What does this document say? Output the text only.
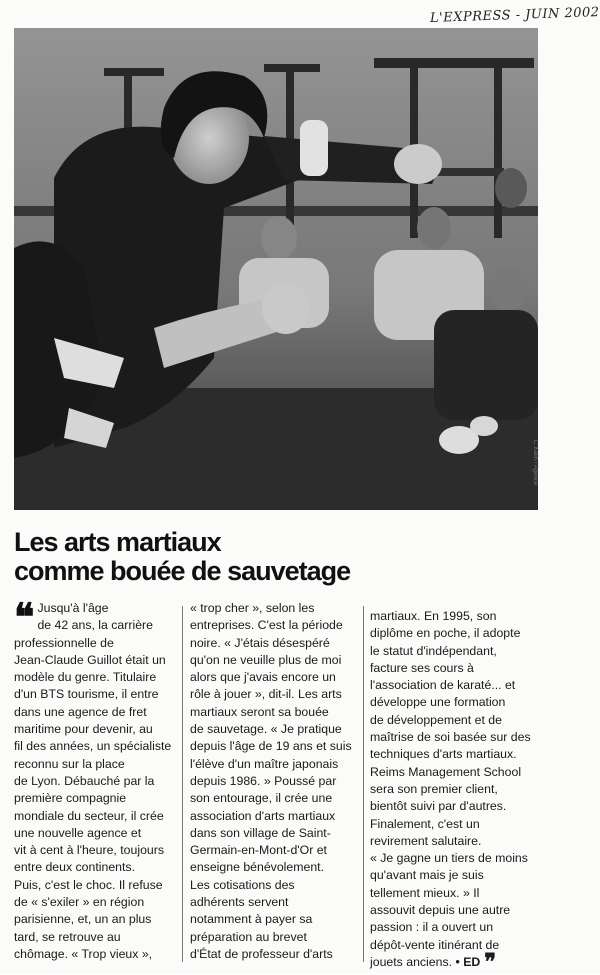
L'EXPRESS - JUIN 2002
L. Kalin / Agence
Les arts martiaux
comme bouée de sauvetage
❝ Jusqu'à l'âge
de 42 ans, la carrière
professionnelle de
Jean-Claude Guillot était un
modèle du genre. Titulaire
d'un BTS tourisme, il entre
dans une agence de fret
maritime pour devenir, au
fil des années, un spécialiste
reconnu sur la place
de Lyon. Débauché par la
première compagnie
mondiale du secteur, il crée
une nouvelle agence et
vit à cent à l'heure, toujours
entre deux continents.
Puis, c'est le choc. Il refuse
de « s'exiler » en région
parisienne, et, un an plus
tard, se retrouve au
chômage. « Trop vieux »,
« trop cher », selon les
entreprises. C'est la période
noire. « J'étais désespéré
qu'on ne veuille plus de moi
alors que j'avais encore un
rôle à jouer », dit-il. Les arts
martiaux seront sa bouée
de sauvetage. « Je pratique
depuis l'âge de 19 ans et suis
l'élève d'un maître japonais
depuis 1986. » Poussé par
son entourage, il crée une
association d'arts martiaux
dans son village de Saint-
Germain-en-Mont-d'Or et
enseigne bénévolement.
Les cotisations des
adhérents servent
notamment à payer sa
préparation au brevet
d'État de professeur d'arts
martiaux. En 1995, son
diplôme en poche, il adopte
le statut d'indépendant,
facture ses cours à
l'association de karaté... et
développe une formation
de développement et de
maîtrise de soi basée sur des
techniques d'arts martiaux.
Reims Management School
sera son premier client,
bientôt suivi par d'autres.
Finalement, c'est un
revirement salutaire.
« Je gagne un tiers de moins
qu'avant mais je suis
tellement mieux. » Il
assouvit depuis une autre
passion : il a ouvert un
dépôt-vente itinérant de
jouets anciens. • ED ❞
